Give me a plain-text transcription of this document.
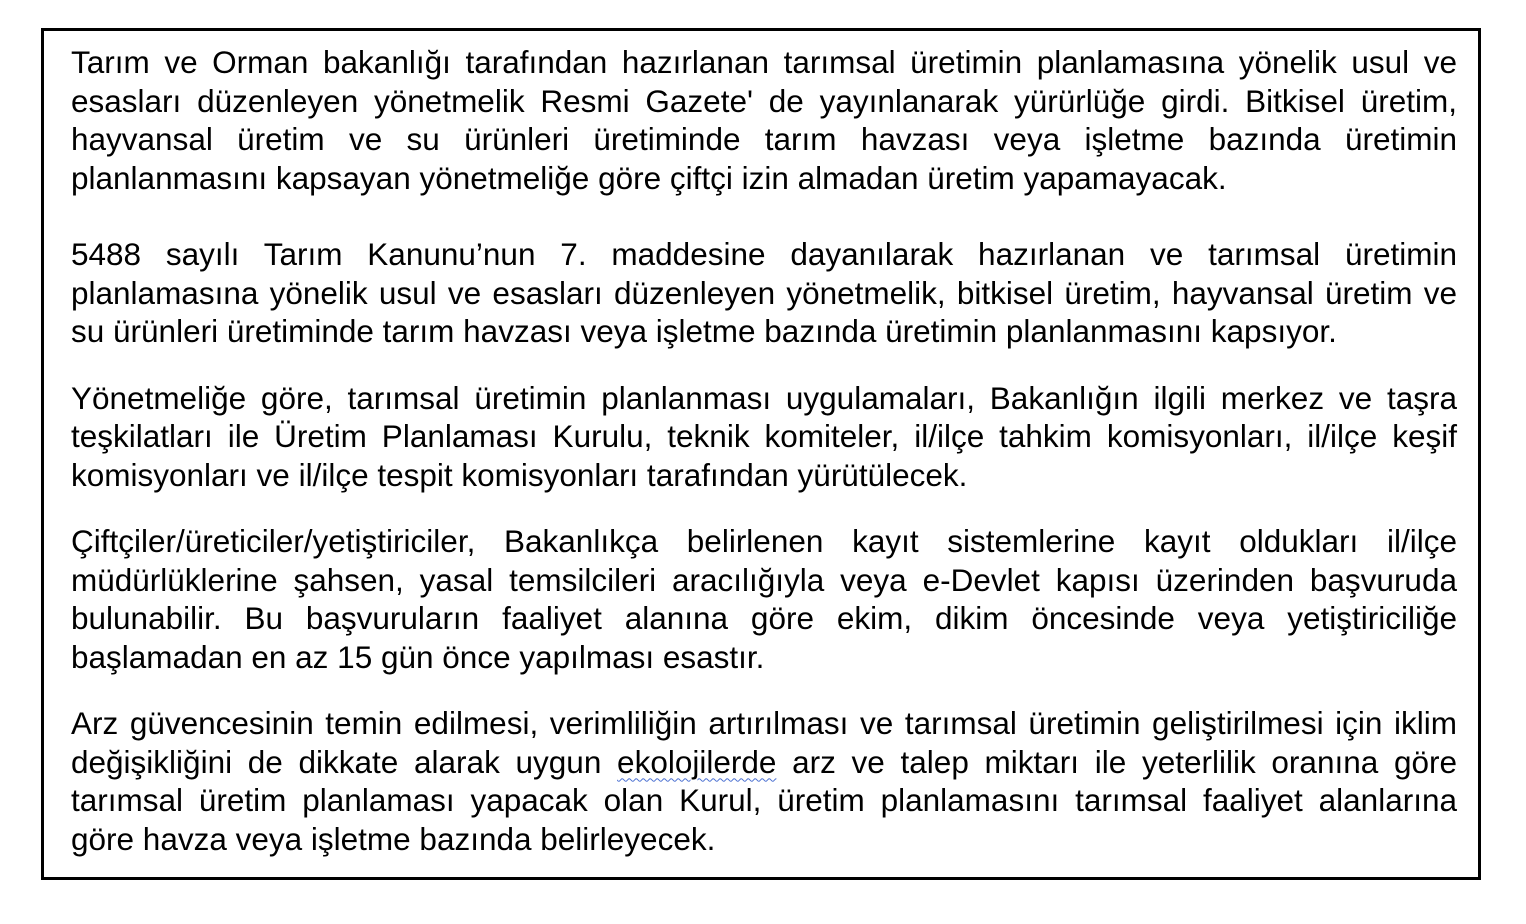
Tarım ve Orman bakanlığı tarafından hazırlanan tarımsal üretimin planlamasına yönelik usul ve esasları düzenleyen yönetmelik Resmi Gazete' de yayınlanarak yürürlüğe girdi. Bitkisel üretim, hayvansal üretim ve su ürünleri üretiminde tarım havzası veya işletme bazında üretimin planlanmasını kapsayan yönetmeliğe göre çiftçi izin almadan üretim yapamayacak.

5488 sayılı Tarım Kanunu’nun 7. maddesine dayanılarak hazırlanan ve tarımsal üretimin planlamasına yönelik usul ve esasları düzenleyen yönetmelik, bitkisel üretim, hayvansal üretim ve su ürünleri üretiminde tarım havzası veya işletme bazında üretimin planlanmasını kapsıyor.

Yönetmeliğe göre, tarımsal üretimin planlanması uygulamaları, Bakanlığın ilgili merkez ve taşra teşkilatları ile Üretim Planlaması Kurulu, teknik komiteler, il/ilçe tahkim komisyonları, il/ilçe keşif komisyonları ve il/ilçe tespit komisyonları tarafından yürütülecek.

Çiftçiler/üreticiler/yetiştiriciler, Bakanlıkça belirlenen kayıt sistemlerine kayıt oldukları il/ilçe müdürlüklerine şahsen, yasal temsilcileri aracılığıyla veya e-Devlet kapısı üzerinden başvuruda bulunabilir. Bu başvuruların faaliyet alanına göre ekim, dikim öncesinde veya yetiştiriciliğe başlamadan en az 15 gün önce yapılması esastır.

Arz güvencesinin temin edilmesi, verimliliğin artırılması ve tarımsal üretimin geliştirilmesi için iklim değişikliğini de dikkate alarak uygun ekolojilerde arz ve talep miktarı ile yeterlilik oranına göre tarımsal üretim planlaması yapacak olan Kurul, üretim planlamasını tarımsal faaliyet alanlarına göre havza veya işletme bazında belirleyecek.
